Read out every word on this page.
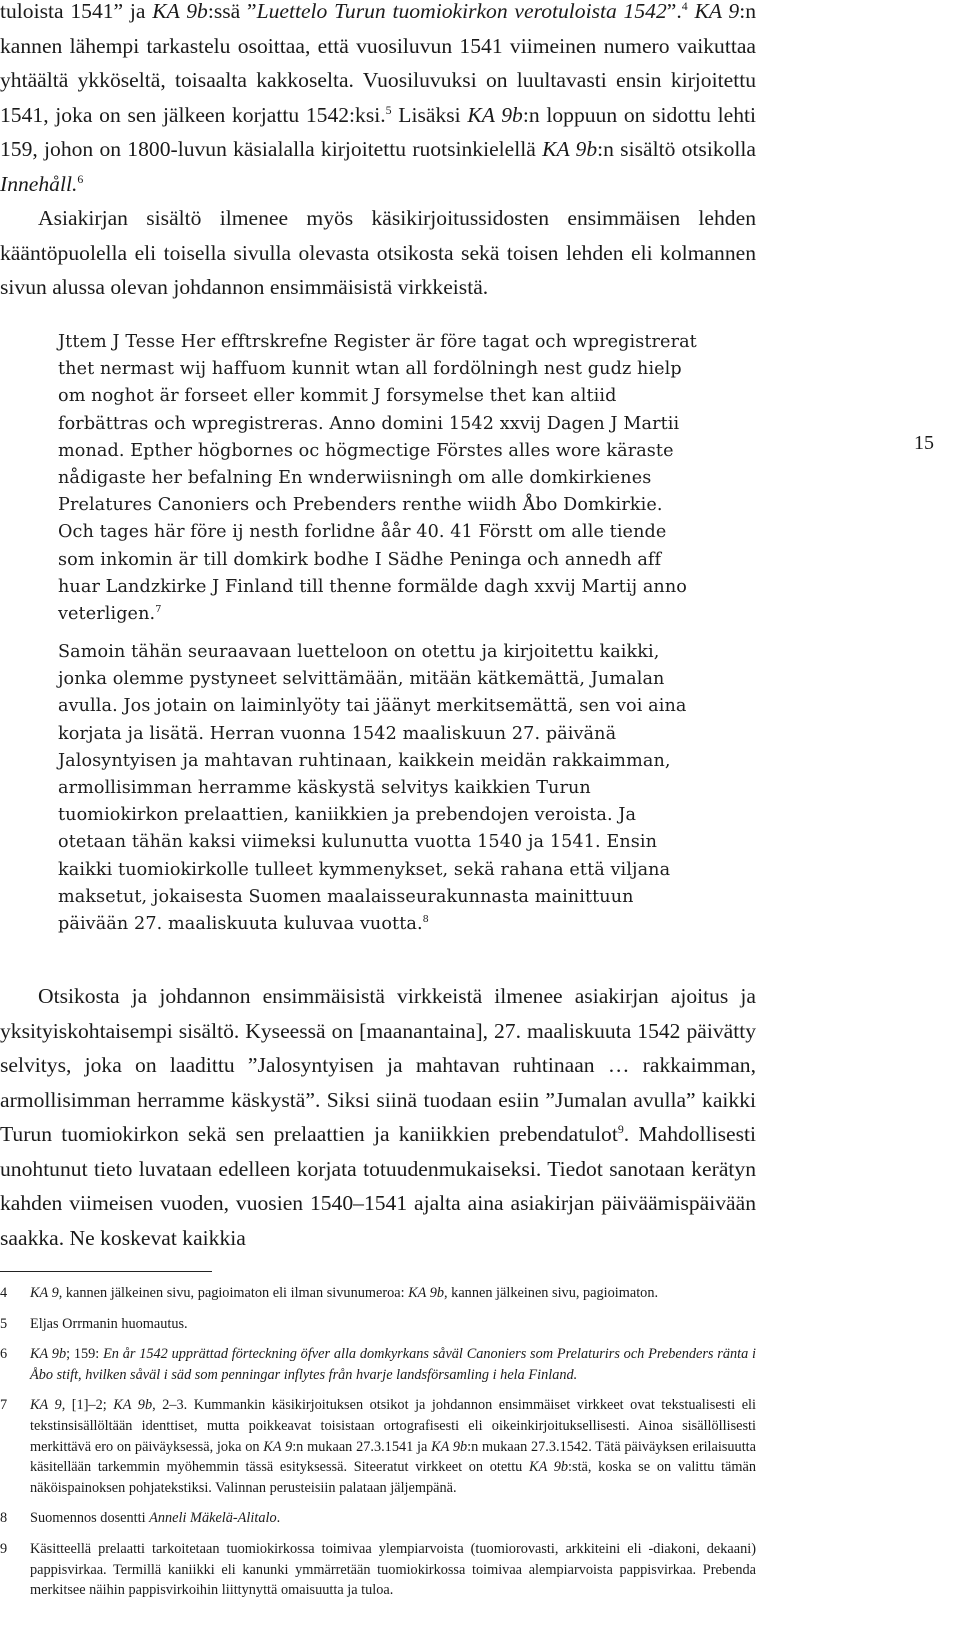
tuloista 1541” ja KA 9b:ssä ”Luettelo Turun tuomiokirkon verotuloista 1542”.$^4$ KA 9:n kannen lähempi tarkastelu osoittaa, että vuosiluvun 1541 viimeinen numero vaikuttaa yhtäältä ykköseltä, toisaalta kakkoselta. Vuosiluvuksi on luultavasti ensin kirjoitettu 1541, joka on sen jälkeen korjattu 1542:ksi.$^5$ Lisäksi KA 9b:n loppuun on sidottu lehti 159, johon on 1800-luvun käsialalla kirjoitettu ruotsinkielellä KA 9b:n sisältö otsikolla Innehåll.$^6$

Asiakirjan sisältö ilmenee myös käsikirjoitussidosten ensimmäisen lehden kääntöpuolella eli toisella sivulla olevasta otsikosta sekä toisen lehden eli kolmannen sivun alussa olevan johdannon ensimmäisistä virkkeistä.

Jttem J Tesse Her efftrskrefne Register är före tagat och wpregistrerat thet nermast wij haffuom kunnit wtan all fordölningh nest gudz hielp om noghot är forseet eller kommit J forsymelse thet kan altiid forbättras och wpregistreras. Anno domini 1542 xxvij Dagen J Martii monad. Epther högbornes oc högmectige Förstes alles wore käraste nådigaste her befalning En wnderwiisningh om alle domkirkienes Prelatures Canoniers och Prebenders renthe wiidh Åbo Domkirkie. Och tages här före ij nesth forlidne åår 40. 41 Förstt om alle tiende som inkomin är till domkirk bodhe I Sädhe Peninga och annedh aff huar Landzkirke J Finland till thenne formälde dagh xxvij Martij anno veterligen.$^7$

Samoin tähän seuraavaan luetteloon on otettu ja kirjoitettu kaikki, jonka olemme pystyneet selvittämään, mitään kätkemättä, Jumalan avulla. Jos jotain on laiminlyöty tai jäänyt merkitsemättä, sen voi aina korjata ja lisätä. Herran vuonna 1542 maaliskuun 27. päivänä Jalosyntyisen ja mahtavan ruhtinaan, kaikkein meidän rakkaimman, armollisimman herramme käskystä selvitys kaikkien Turun tuomiokirkon prelaattien, kaniikkien ja prebendojen veroista. Ja otetaan tähän kaksi viimeksi kulunutta vuotta 1540 ja 1541. Ensin kaikki tuomiokirkolle tulleet kymmenykset, sekä rahana että viljana maksetut, jokaisesta Suomen maalaisseurakunnasta mainittuun päivään 27. maaliskuuta kuluvaa vuotta.$^8$

15

Otsikosta ja johdannon ensimmäisistä virkkeistä ilmenee asiakirjan ajoitus ja yksityiskohtaisempi sisältö. Kyseessä on [maanantaina], 27. maaliskuuta 1542 päivätty selvitys, joka on laadittu ”Jalosyntyisen ja mahtavan ruhtinaan … rakkaimman, armollisimman herramme käskystä”. Siksi siinä tuodaan esiin ”Jumalan avulla” kaikki Turun tuomiokirkon sekä sen prelaattien ja kaniikkien prebendatulot$^9$. Mahdollisesti unohtunut tieto luvataan edelleen korjata totuudenmukaiseksi. Tiedot sanotaan kerätyn kahden viimeisen vuoden, vuosien 1540–1541 ajalta aina asiakirjan päiväämispäivään saakka. Ne koskevat kaikkia

4 KA 9, kannen jälkeinen sivu, pagioimaton eli ilman sivunumeroa: KA 9b, kannen jälkeinen sivu, pagioimaton.
5 Eljas Orrmanin huomautus.
6 KA 9b; 159: En år 1542 upprättad förteckning öfver alla domkyrkans såväl Canoniers som Prelaturirs och Prebenders ränta i Åbo stift, hvilken såväl i säd som penningar inflytes från hvarje landsförsamling i hela Finland.
7 KA 9, [1]–2; KA 9b, 2–3. Kummankin käsikirjoituksen otsikot ja johdannon ensimmäiset virkkeet ovat tekstualisesti eli tekstinsisällöltään identtiset, mutta poikkeavat toisistaan ortografisesti eli oikeinkirjoituksellisesti. Ainoa sisällöllisesti merkittävä ero on päiväyksessä, joka on KA 9:n mukaan 27.3.1541 ja KA 9b:n mukaan 27.3.1542. Tätä päiväyksen erilaisuutta käsitellään tarkemmin myöhemmin tässä esityksessä. Siteeratut virkkeet on otettu KA 9b:stä, koska se on valittu tämän näköispainoksen pohjatekstiksi. Valinnan perusteisiin palataan jäljempänä.
8 Suomennos dosentti Anneli Mäkelä-Alitalo.
9 Käsitteellä prelaatti tarkoitetaan tuomiokirkossa toimivaa ylempiarvoista (tuomiorovasti, arkkiteini eli -diakoni, dekaani) pappisvirkaa. Termillä kaniikki eli kanunki ymmärretään tuomiokirkossa toimivaa alempiarvoista pappisvirkaa. Prebenda merkitsee näihin pappisvirkoihin liittynyttä omaisuutta ja tuloa.
